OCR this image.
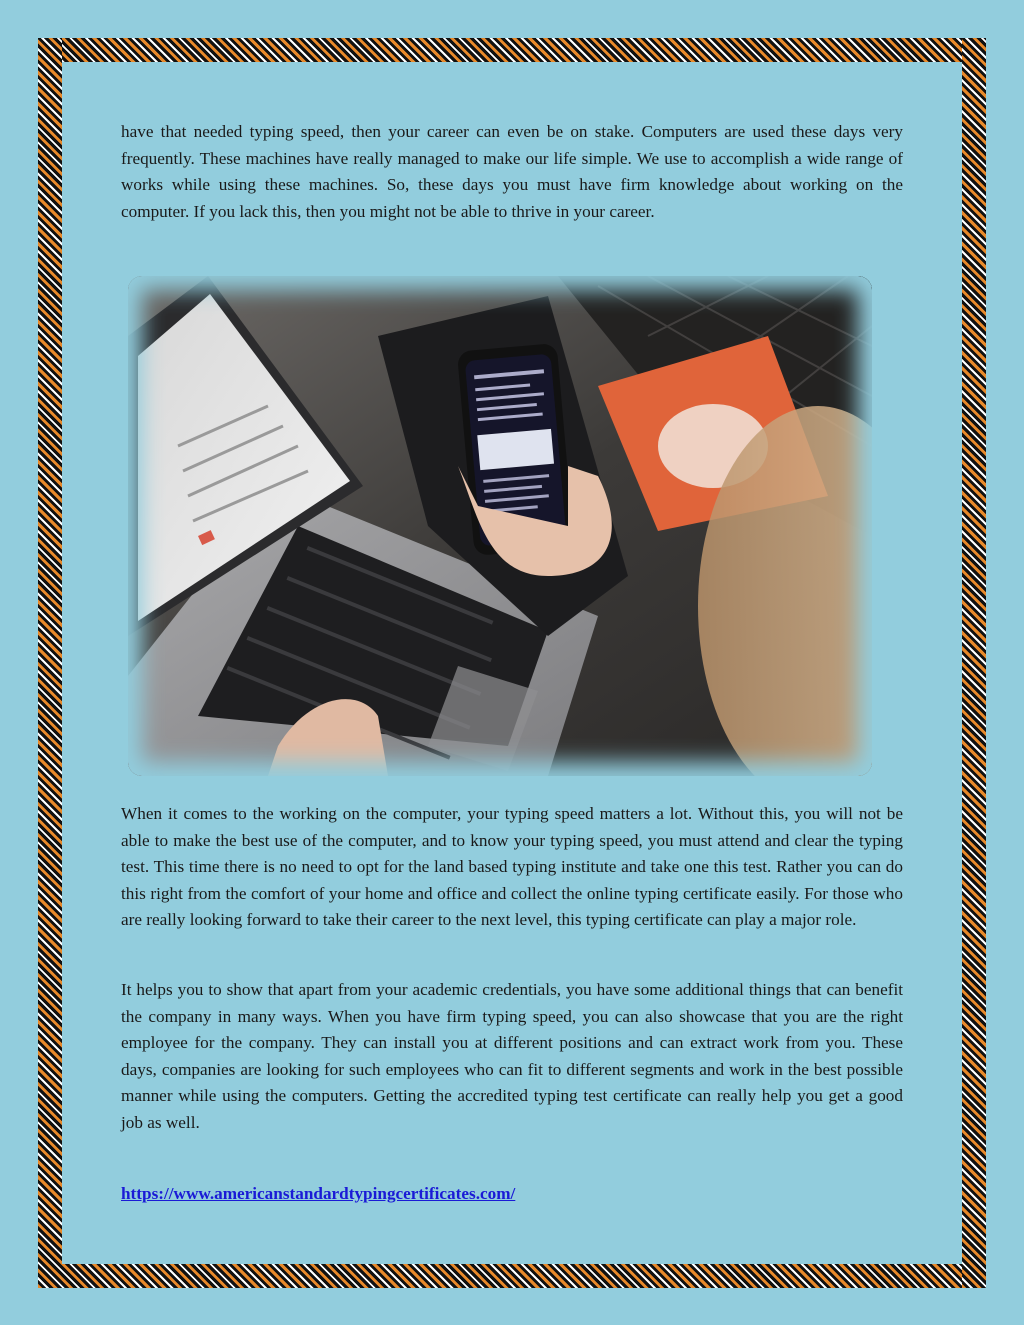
have that needed typing speed, then your career can even be on stake. Computers are used these days very frequently. These machines have really managed to make our life simple. We use to accomplish a wide range of works while using these machines. So, these days you must have firm knowledge about working on the computer. If you lack this, then you might not be able to thrive in your career.

When it comes to the working on the computer, your typing speed matters a lot. Without this, you will not be able to make the best use of the computer, and to know your typing speed, you must attend and clear the typing test. This time there is no need to opt for the land based typing institute and take one this test. Rather you can do this right from the comfort of your home and office and collect the online typing certificate easily. For those who are really looking forward to take their career to the next level, this typing certificate can play a major role.

It helps you to show that apart from your academic credentials, you have some additional things that can benefit the company in many ways. When you have firm typing speed, you can also showcase that you are the right employee for the company. They can install you at different positions and can extract work from you. These days, companies are looking for such employees who can fit to different segments and work in the best possible manner while using the computers. Getting the accredited typing test certificate can really help you get a good job as well.

https://www.americanstandardtypingcertificates.com/
